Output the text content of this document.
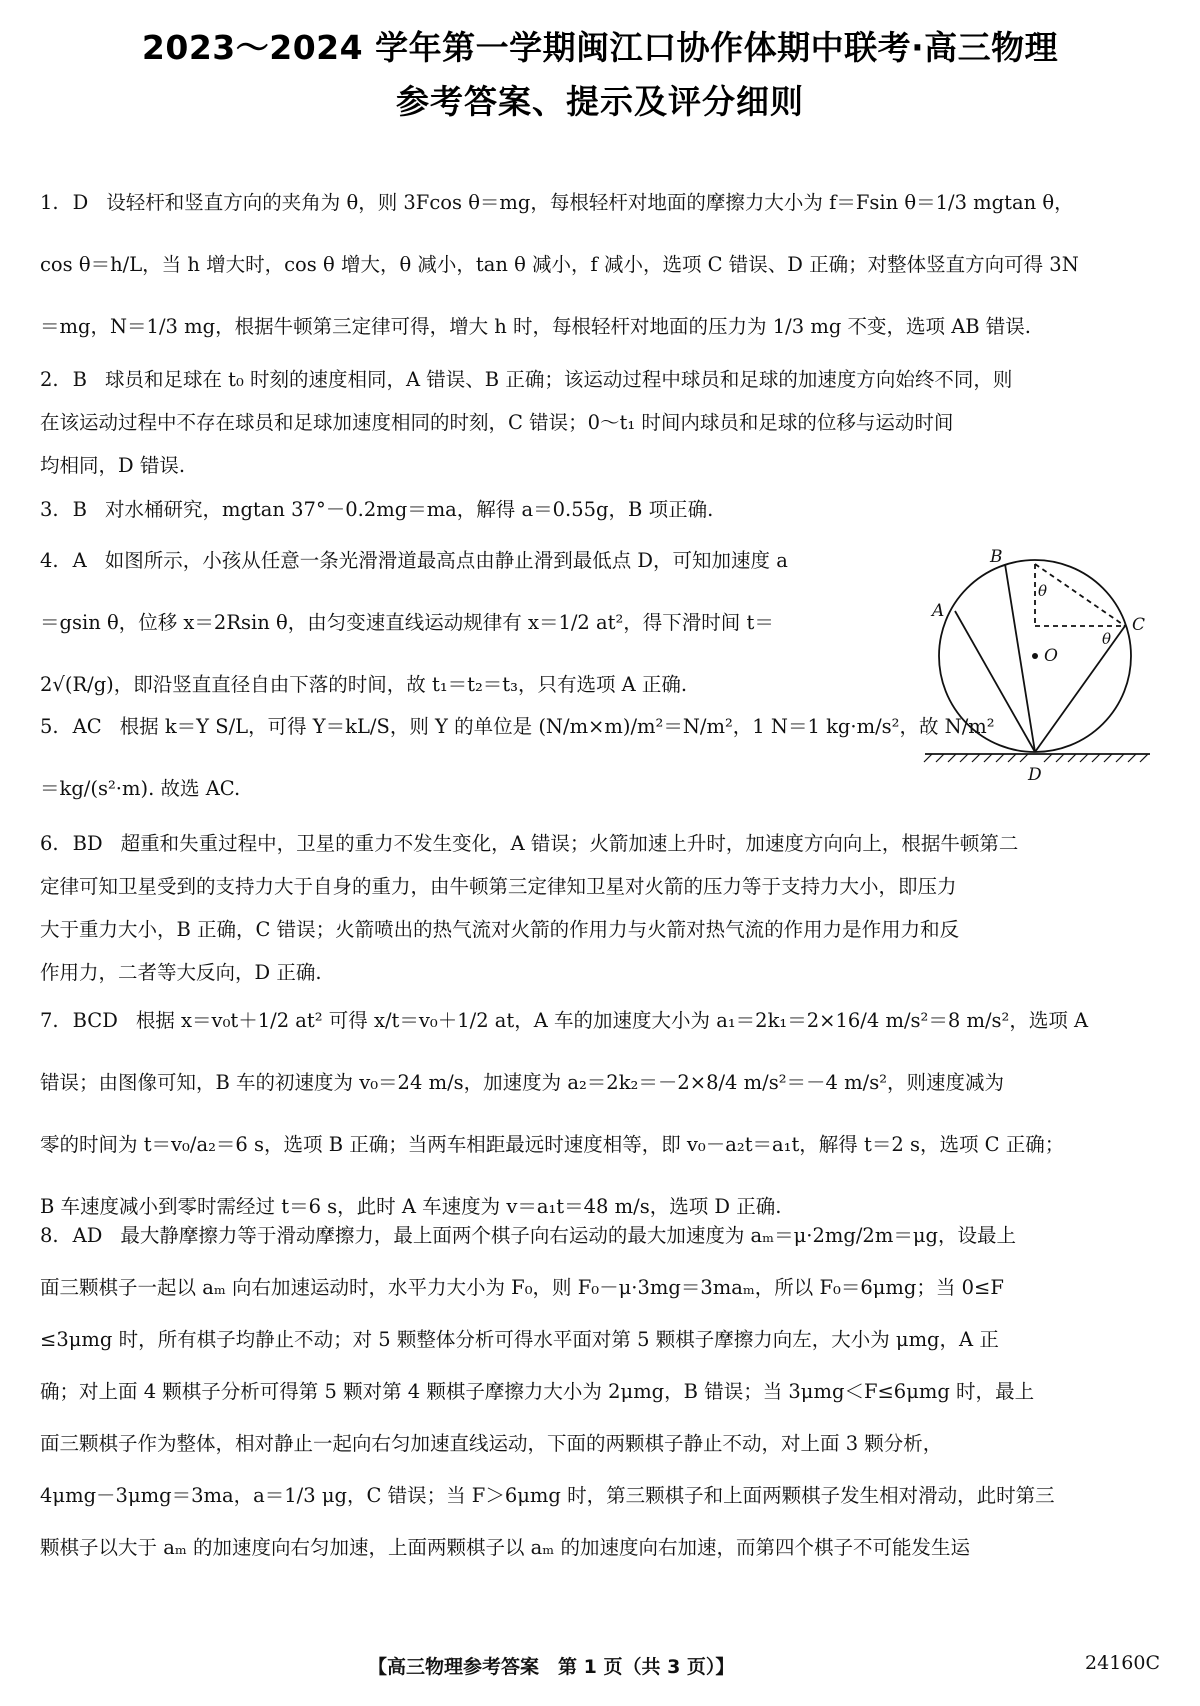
2023～2024 学年第一学期闽江口协作体期中联考·高三物理
参考答案、提示及评分细则
1. D 设轻杆和竖直方向的夹角为 θ，则 3Fcos θ＝mg，每根轻杆对地面的摩擦力大小为 f＝Fsin θ＝1/3 mgtan θ，
cos θ＝h/L，当 h 增大时，cos θ 增大，θ 减小，tan θ 减小，f 减小，选项 C 错误、D 正确；对整体竖直方向可得 3N
＝mg，N＝1/3 mg，根据牛顿第三定律可得，增大 h 时，每根轻杆对地面的压力为 1/3 mg 不变，选项 AB 错误.
2. B 球员和足球在 t₀ 时刻的速度相同，A 错误、B 正确；该运动过程中球员和足球的加速度方向始终不同，则
在该运动过程中不存在球员和足球加速度相同的时刻，C 错误；0～t₁ 时间内球员和足球的位移与运动时间
均相同，D 错误.
3. B 对水桶研究，mgtan 37°－0.2mg＝ma，解得 a＝0.55g，B 项正确.
4. A 如图所示，小孩从任意一条光滑滑道最高点由静止滑到最低点 D，可知加速度 a
＝gsin θ，位移 x＝2Rsin θ，由匀变速直线运动规律有 x＝1/2 at²，得下滑时间 t＝
2√(R/g)，即沿竖直直径自由下落的时间，故 t₁＝t₂＝t₃，只有选项 A 正确.
B
C
A
O
D
θ
θ
5. AC 根据 k＝Y S/L，可得 Y＝kL/S，则 Y 的单位是 (N/m×m)/m²＝N/m²，1 N＝1 kg·m/s²，故 N/m²
＝kg/(s²·m). 故选 AC.
6. BD 超重和失重过程中，卫星的重力不发生变化，A 错误；火箭加速上升时，加速度方向向上，根据牛顿第二
定律可知卫星受到的支持力大于自身的重力，由牛顿第三定律知卫星对火箭的压力等于支持力大小，即压力
大于重力大小，B 正确，C 错误；火箭喷出的热气流对火箭的作用力与火箭对热气流的作用力是作用力和反
作用力，二者等大反向，D 正确.
7. BCD 根据 x＝v₀t＋1/2 at² 可得 x/t＝v₀＋1/2 at，A 车的加速度大小为 a₁＝2k₁＝2×16/4 m/s²＝8 m/s²，选项 A
错误；由图像可知，B 车的初速度为 v₀＝24 m/s，加速度为 a₂＝2k₂＝－2×8/4 m/s²＝－4 m/s²，则速度减为
零的时间为 t＝v₀/a₂＝6 s，选项 B 正确；当两车相距最远时速度相等，即 v₀－a₂t＝a₁t，解得 t＝2 s，选项 C 正确；
B 车速度减小到零时需经过 t＝6 s，此时 A 车速度为 v＝a₁t＝48 m/s，选项 D 正确.
8. AD 最大静摩擦力等于滑动摩擦力，最上面两个棋子向右运动的最大加速度为 aₘ＝μ·2mg/2m＝μg，设最上
面三颗棋子一起以 aₘ 向右加速运动时，水平力大小为 F₀，则 F₀－μ·3mg＝3maₘ，所以 F₀＝6μmg；当 0≤F
≤3μmg 时，所有棋子均静止不动；对 5 颗整体分析可得水平面对第 5 颗棋子摩擦力向左，大小为 μmg，A 正
确；对上面 4 颗棋子分析可得第 5 颗对第 4 颗棋子摩擦力大小为 2μmg，B 错误；当 3μmg＜F≤6μmg 时，最上
面三颗棋子作为整体，相对静止一起向右匀加速直线运动，下面的两颗棋子静止不动，对上面 3 颗分析，
4μmg－3μmg＝3ma，a＝1/3 μg，C 错误；当 F＞6μmg 时，第三颗棋子和上面两颗棋子发生相对滑动，此时第三
颗棋子以大于 aₘ 的加速度向右匀加速，上面两颗棋子以 aₘ 的加速度向右加速，而第四个棋子不可能发生运
【高三物理参考答案　第 1 页（共 3 页）】	24160C
